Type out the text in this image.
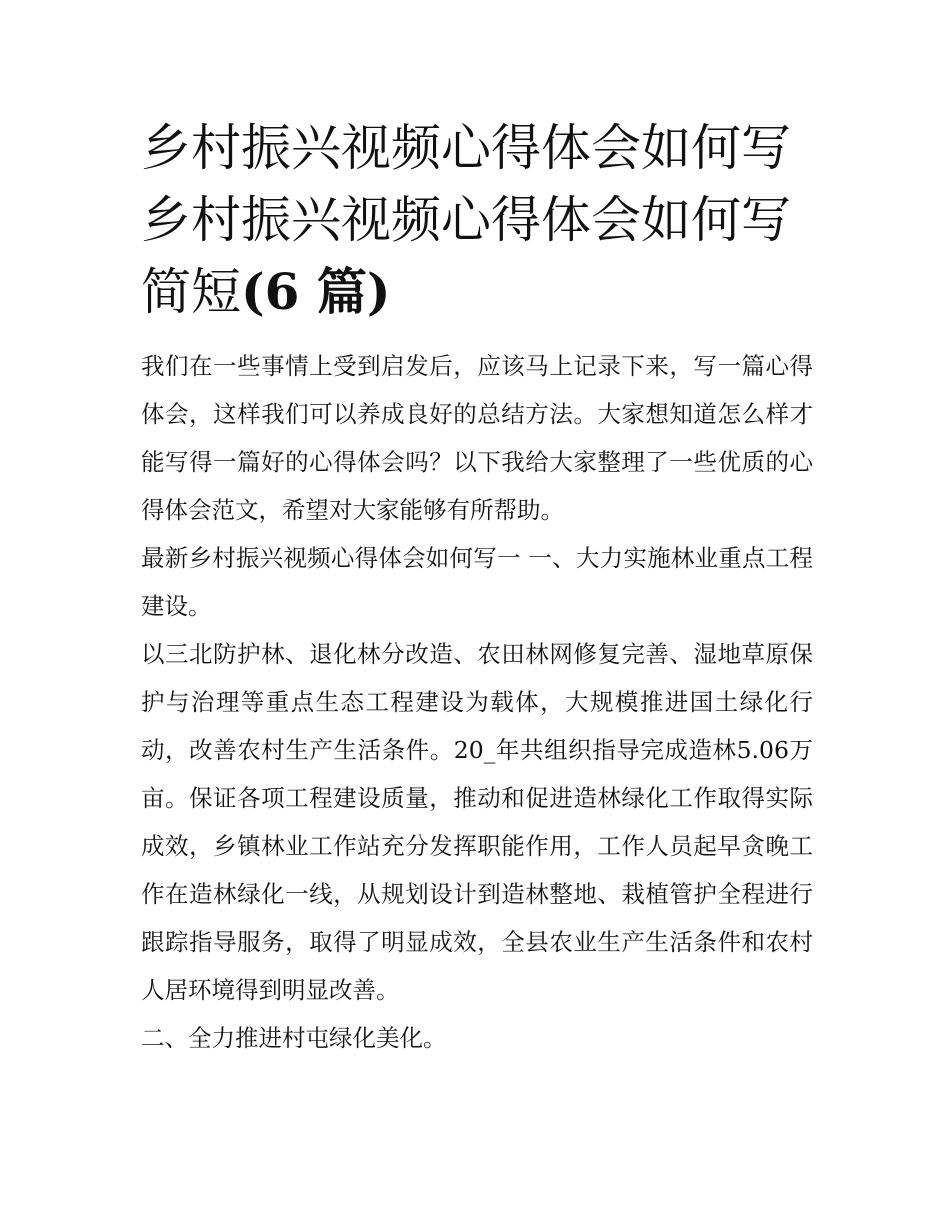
乡村振兴视频心得体会如何写
乡村振兴视频心得体会如何写
简短(6 篇)

我们在一些事情上受到启发后，应该马上记录下来，写一篇心得体会，这样我们可以养成良好的总结方法。大家想知道怎么样才能写得一篇好的心得体会吗？以下我给大家整理了一些优质的心得体会范文，希望对大家能够有所帮助。

最新乡村振兴视频心得体会如何写一 一、大力实施林业重点工程建设。

以三北防护林、退化林分改造、农田林网修复完善、湿地草原保护与治理等重点生态工程建设为载体，大规模推进国土绿化行动，改善农村生产生活条件。20_年共组织指导完成造林5.06万亩。保证各项工程建设质量，推动和促进造林绿化工作取得实际成效，乡镇林业工作站充分发挥职能作用，工作人员起早贪晚工作在造林绿化一线，从规划设计到造林整地、栽植管护全程进行跟踪指导服务，取得了明显成效，全县农业生产生活条件和农村人居环境得到明显改善。

二、全力推进村屯绿化美化。
